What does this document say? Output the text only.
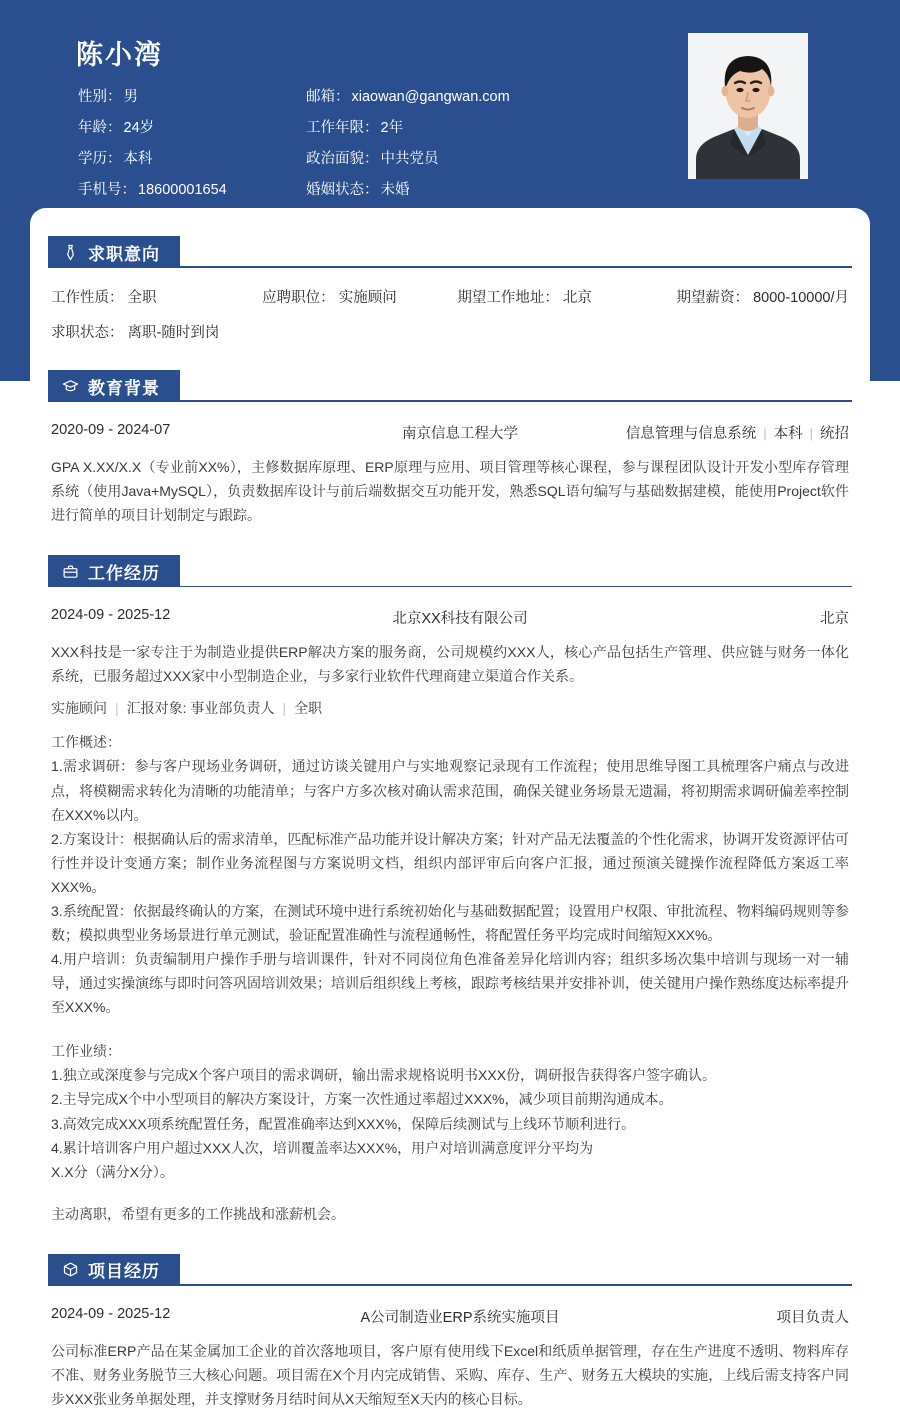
陈小湾
性别： 男	邮箱： xiaowan@gangwan.com
年龄： 24岁	工作年限： 2年
学历： 本科	政治面貌： 中共党员
手机号： 18600001654	婚姻状态： 未婚
求职意向
工作性质： 全职	应聘职位： 实施顾问	期望工作地址： 北京	期望薪资： 8000-10000/月
求职状态： 离职-随时到岗
教育背景
2020-09 - 2024-07	南京信息工程大学	信息管理与信息系统 | 本科 | 统招
GPA X.XX/X.X（专业前XX%），主修数据库原理、ERP原理与应用、项目管理等核心课程，参与课程团队设计开发小型库存管理系统（使用Java+MySQL），负责数据库设计与前后端数据交互功能开发，熟悉SQL语句编写与基础数据建模，能使用Project软件进行简单的项目计划制定与跟踪。
工作经历
2024-09 - 2025-12	北京XX科技有限公司	北京
XXX科技是一家专注于为制造业提供ERP解决方案的服务商，公司规模约XXX人，核心产品包括生产管理、供应链与财务一体化系统，已服务超过XXX家中小型制造企业，与多家行业软件代理商建立渠道合作关系。
实施顾问 | 汇报对象: 事业部负责人 | 全职
工作概述：
1.需求调研：参与客户现场业务调研，通过访谈关键用户与实地观察记录现有工作流程；使用思维导图工具梳理客户痛点与改进点，将模糊需求转化为清晰的功能清单；与客户方多次核对确认需求范围，确保关键业务场景无遗漏，将初期需求调研偏差率控制在XXX%以内。
2.方案设计：根据确认后的需求清单，匹配标准产品功能并设计解决方案；针对产品无法覆盖的个性化需求，协调开发资源评估可行性并设计变通方案；制作业务流程图与方案说明文档，组织内部评审后向客户汇报，通过预演关键操作流程降低方案返工率XXX%。
3.系统配置：依据最终确认的方案，在测试环境中进行系统初始化与基础数据配置；设置用户权限、审批流程、物料编码规则等参数；模拟典型业务场景进行单元测试，验证配置准确性与流程通畅性，将配置任务平均完成时间缩短XXX%。
4.用户培训：负责编制用户操作手册与培训课件，针对不同岗位角色准备差异化培训内容；组织多场次集中培训与现场一对一辅导，通过实操演练与即时问答巩固培训效果；培训后组织线上考核，跟踪考核结果并安排补训，使关键用户操作熟练度达标率提升至XXX%。
工作业绩：
1.独立或深度参与完成X个客户项目的需求调研，输出需求规格说明书XXX份，调研报告获得客户签字确认。
2.主导完成X个中小型项目的解决方案设计，方案一次性通过率超过XXX%，减少项目前期沟通成本。
3.高效完成XXX项系统配置任务，配置准确率达到XXX%，保障后续测试与上线环节顺利进行。
4.累计培训客户用户超过XXX人次，培训覆盖率达XXX%，用户对培训满意度评分平均为
X.X分（满分X分）。
主动离职，希望有更多的工作挑战和涨薪机会。
项目经历
2024-09 - 2025-12	A公司制造业ERP系统实施项目	项目负责人
公司标准ERP产品在某金属加工企业的首次落地项目，客户原有使用线下Excel和纸质单据管理，存在生产进度不透明、物料库存不准、财务业务脱节三大核心问题。项目需在X个月内完成销售、采购、库存、生产、财务五大模块的实施，上线后需支持客户同步XXX张业务单据处理，并支撑财务月结时间从X天缩短至X天内的核心目标。
